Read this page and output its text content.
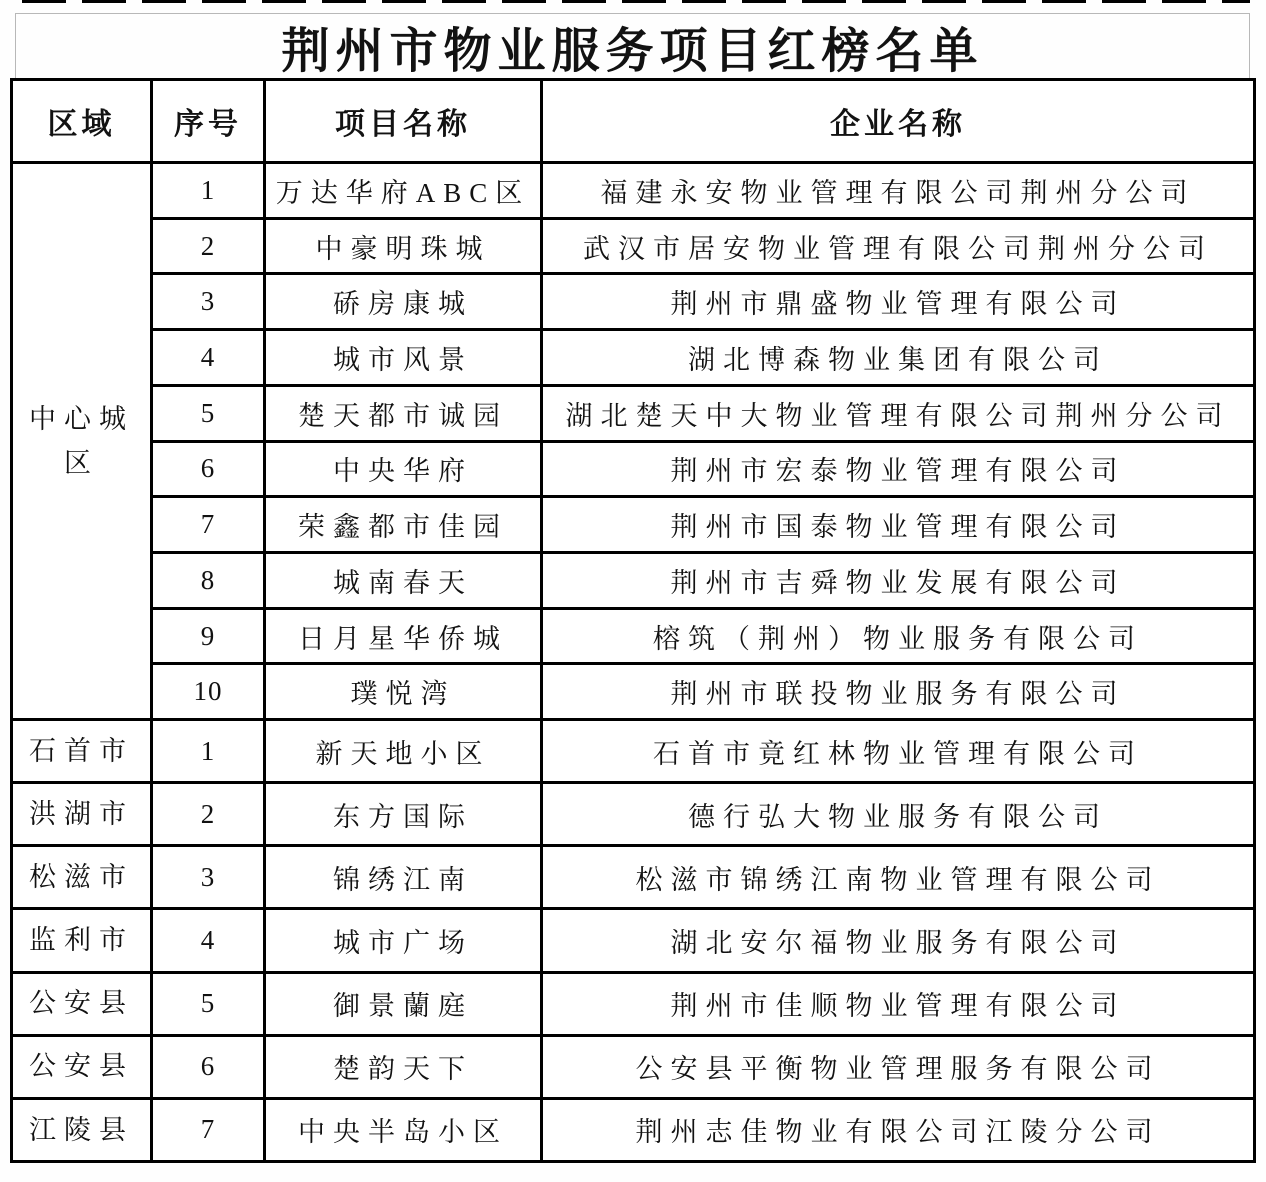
荆州市物业服务项目红榜名单
区域	序号	项目名称	企业名称
中心城区	1	万达华府ABC区	福建永安物业管理有限公司荆州分公司
	2	中豪明珠城	武汉市居安物业管理有限公司荆州分公司
	3	硚房康城	荆州市鼎盛物业管理有限公司
	4	城市风景	湖北博森物业集团有限公司
	5	楚天都市诚园	湖北楚天中大物业管理有限公司荆州分公司
	6	中央华府	荆州市宏泰物业管理有限公司
	7	荣鑫都市佳园	荆州市国泰物业管理有限公司
	8	城南春天	荆州市吉舜物业发展有限公司
	9	日月星华侨城	榕筑（荆州）物业服务有限公司
	10	璞悦湾	荆州市联投物业服务有限公司
石首市	1	新天地小区	石首市竟红林物业管理有限公司
洪湖市	2	东方国际	德行弘大物业服务有限公司
松滋市	3	锦绣江南	松滋市锦绣江南物业管理有限公司
监利市	4	城市广场	湖北安尔福物业服务有限公司
公安县	5	御景蘭庭	荆州市佳顺物业管理有限公司
公安县	6	楚韵天下	公安县平衡物业管理服务有限公司
江陵县	7	中央半岛小区	荆州志佳物业有限公司江陵分公司
